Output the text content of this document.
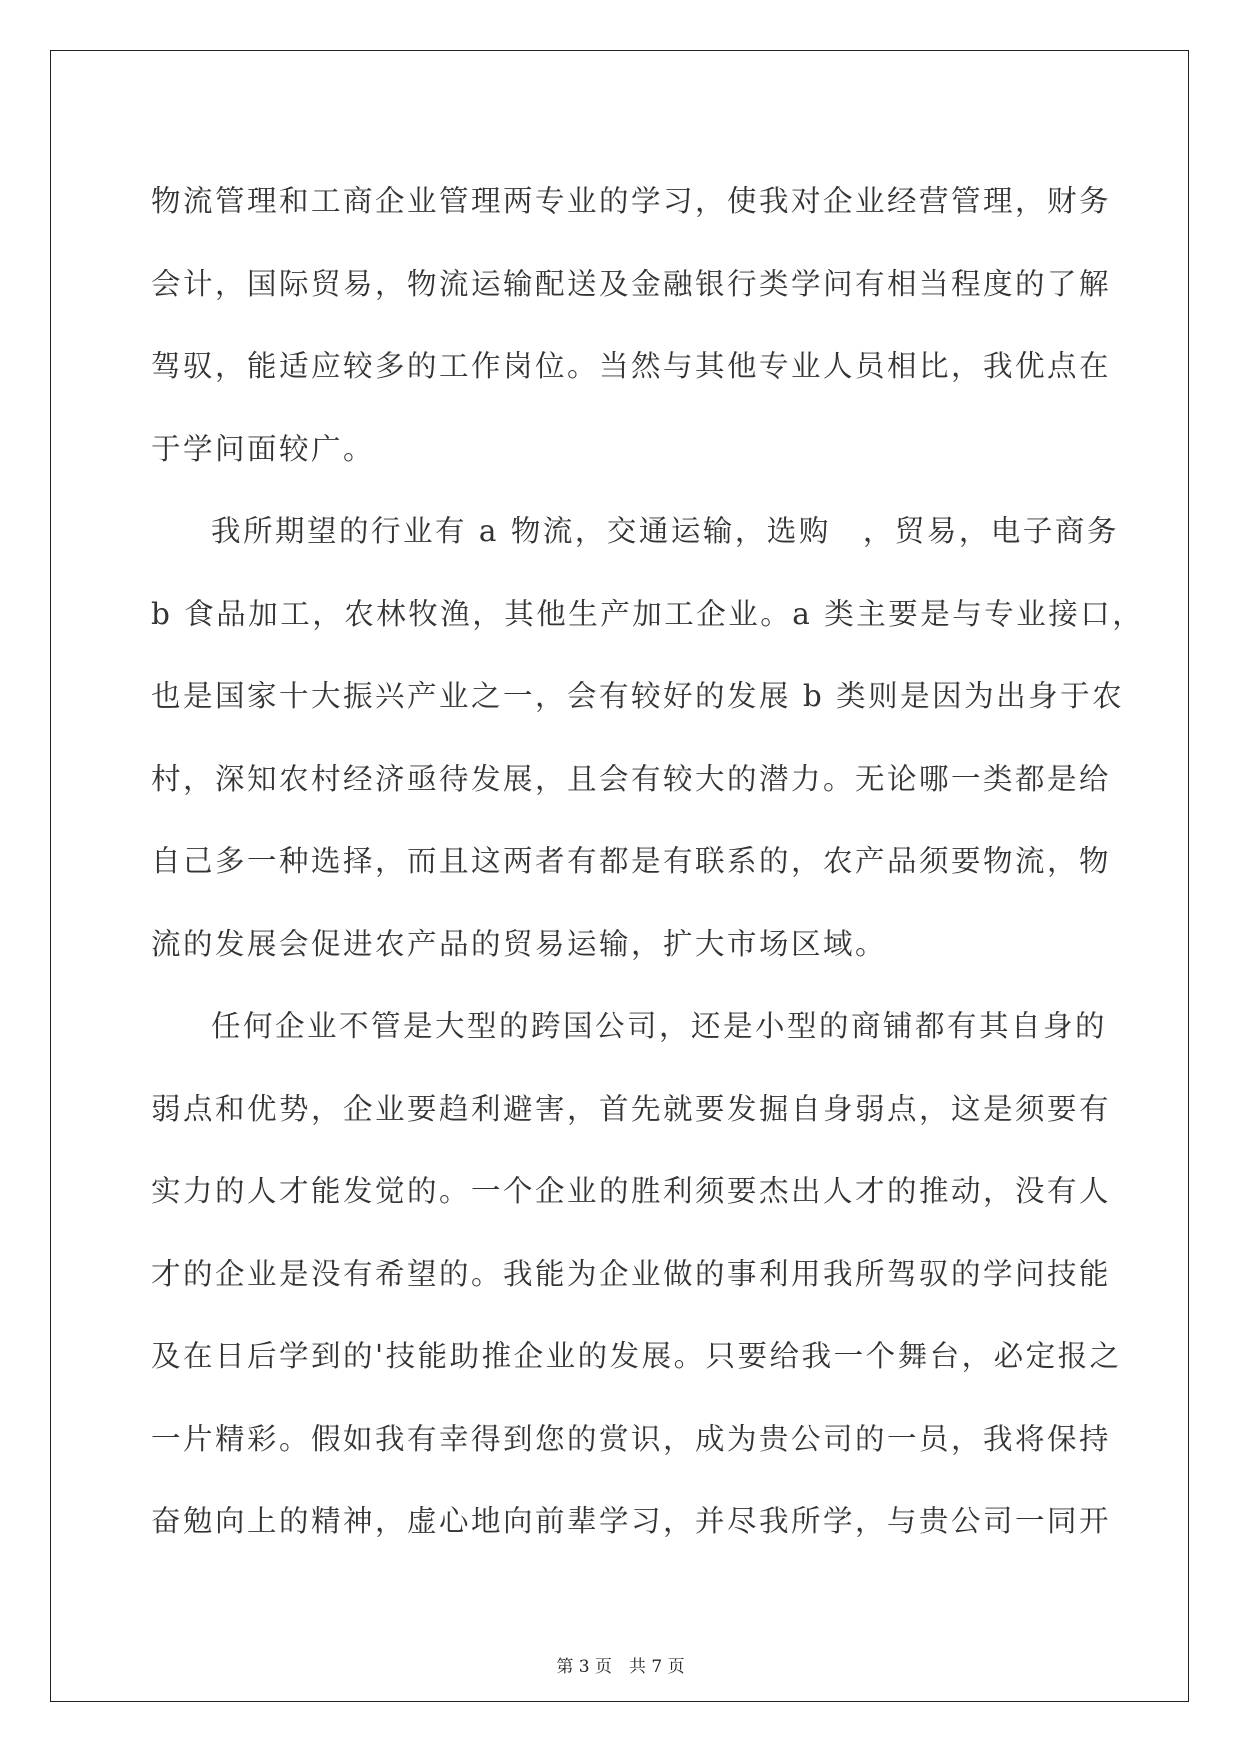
物流管理和工商企业管理两专业的学习，使我对企业经营管理，财务
会计，国际贸易，物流运输配送及金融银行类学问有相当程度的了解
驾驭，能适应较多的工作岗位。当然与其他专业人员相比，我优点在
于学问面较广。
我所期望的行业有 a 物流，交通运输，选购　，贸易，电子商务
b 食品加工，农林牧渔，其他生产加工企业。a 类主要是与专业接口，
也是国家十大振兴产业之一，会有较好的发展 b 类则是因为出身于农
村，深知农村经济亟待发展，且会有较大的潜力。无论哪一类都是给
自己多一种选择，而且这两者有都是有联系的，农产品须要物流，物
流的发展会促进农产品的贸易运输，扩大市场区域。
任何企业不管是大型的跨国公司，还是小型的商铺都有其自身的
弱点和优势，企业要趋利避害，首先就要发掘自身弱点，这是须要有
实力的人才能发觉的。一个企业的胜利须要杰出人才的推动，没有人
才的企业是没有希望的。我能为企业做的事利用我所驾驭的学问技能
及在日后学到的'技能助推企业的发展。只要给我一个舞台，必定报之
一片精彩。假如我有幸得到您的赏识，成为贵公司的一员，我将保持
奋勉向上的精神，虚心地向前辈学习，并尽我所学，与贵公司一同开
第 3 页　共 7 页
